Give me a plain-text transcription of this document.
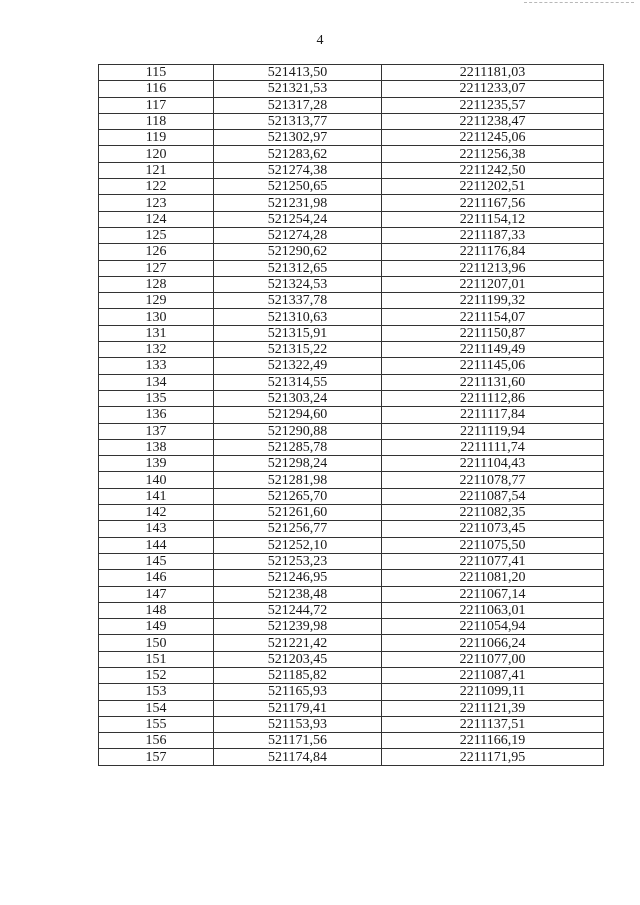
4
115	521413,50	2211181,03
116	521321,53	2211233,07
117	521317,28	2211235,57
118	521313,77	2211238,47
119	521302,97	2211245,06
120	521283,62	2211256,38
121	521274,38	2211242,50
122	521250,65	2211202,51
123	521231,98	2211167,56
124	521254,24	2211154,12
125	521274,28	2211187,33
126	521290,62	2211176,84
127	521312,65	2211213,96
128	521324,53	2211207,01
129	521337,78	2211199,32
130	521310,63	2211154,07
131	521315,91	2211150,87
132	521315,22	2211149,49
133	521322,49	2211145,06
134	521314,55	2211131,60
135	521303,24	2211112,86
136	521294,60	2211117,84
137	521290,88	2211119,94
138	521285,78	2211111,74
139	521298,24	2211104,43
140	521281,98	2211078,77
141	521265,70	2211087,54
142	521261,60	2211082,35
143	521256,77	2211073,45
144	521252,10	2211075,50
145	521253,23	2211077,41
146	521246,95	2211081,20
147	521238,48	2211067,14
148	521244,72	2211063,01
149	521239,98	2211054,94
150	521221,42	2211066,24
151	521203,45	2211077,00
152	521185,82	2211087,41
153	521165,93	2211099,11
154	521179,41	2211121,39
155	521153,93	2211137,51
156	521171,56	2211166,19
157	521174,84	2211171,95
